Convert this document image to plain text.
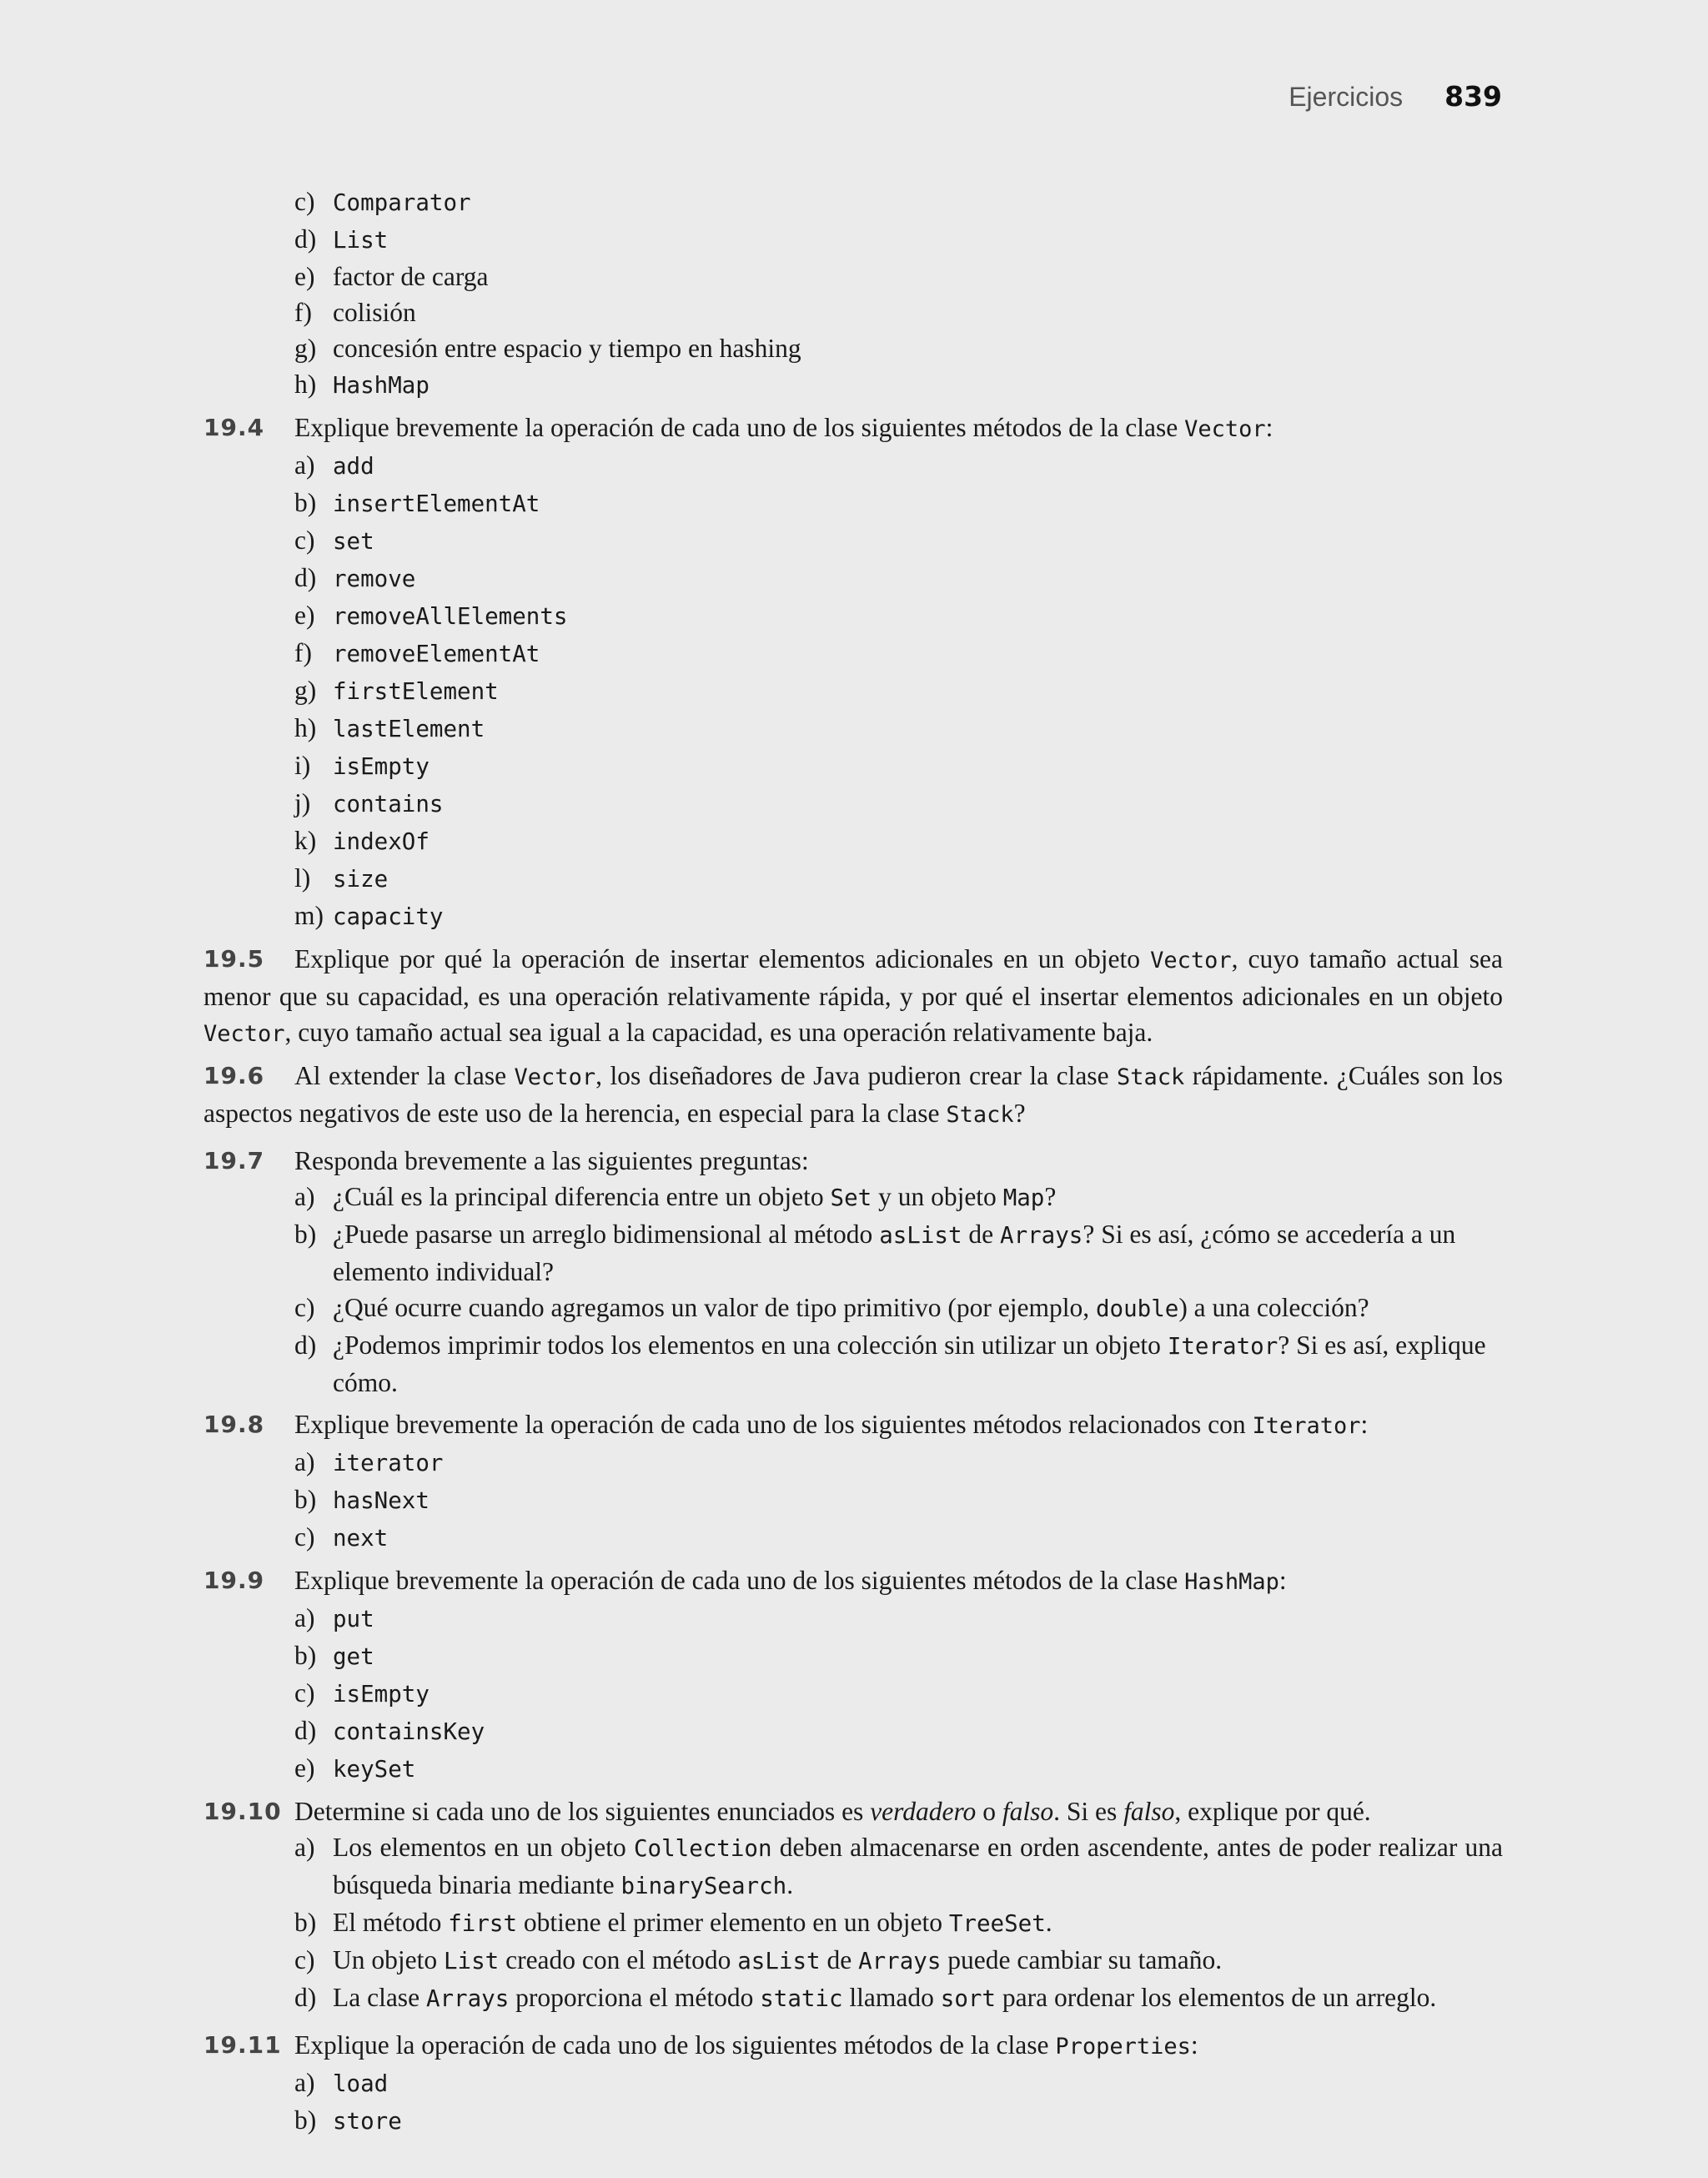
Ejercicios 839
c) Comparator
d) List
e) factor de carga
f) colisión
g) concesión entre espacio y tiempo en hashing
h) HashMap
19.4	Explique brevemente la operación de cada uno de los siguientes métodos de la clase Vector:
a) add
b) insertElementAt
c) set
d) remove
e) removeAllElements
f) removeElementAt
g) firstElement
h) lastElement
i) isEmpty
j) contains
k) indexOf
l) size
m) capacity
19.5	Explique por qué la operación de insertar elementos adicionales en un objeto Vector, cuyo tamaño actual sea menor que su capacidad, es una operación relativamente rápida, y por qué el insertar elementos adicionales en un objeto Vector, cuyo tamaño actual sea igual a la capacidad, es una operación relativamente baja.
19.6	Al extender la clase Vector, los diseñadores de Java pudieron crear la clase Stack rápidamente. ¿Cuáles son los aspectos negativos de este uso de la herencia, en especial para la clase Stack?
19.7	Responda brevemente a las siguientes preguntas:
a) ¿Cuál es la principal diferencia entre un objeto Set y un objeto Map?
b) ¿Puede pasarse un arreglo bidimensional al método asList de Arrays? Si es así, ¿cómo se accedería a un elemento individual?
c) ¿Qué ocurre cuando agregamos un valor de tipo primitivo (por ejemplo, double) a una colección?
d) ¿Podemos imprimir todos los elementos en una colección sin utilizar un objeto Iterator? Si es así, explique cómo.
19.8	Explique brevemente la operación de cada uno de los siguientes métodos relacionados con Iterator:
a) iterator
b) hasNext
c) next
19.9	Explique brevemente la operación de cada uno de los siguientes métodos de la clase HashMap:
a) put
b) get
c) isEmpty
d) containsKey
e) keySet
19.10 Determine si cada uno de los siguientes enunciados es verdadero o falso. Si es falso, explique por qué.
a) Los elementos en un objeto Collection deben almacenarse en orden ascendente, antes de poder realizar una búsqueda binaria mediante binarySearch.
b) El método first obtiene el primer elemento en un objeto TreeSet.
c) Un objeto List creado con el método asList de Arrays puede cambiar su tamaño.
d) La clase Arrays proporciona el método static llamado sort para ordenar los elementos de un arreglo.
19.11 Explique la operación de cada uno de los siguientes métodos de la clase Properties:
a) load
b) store
